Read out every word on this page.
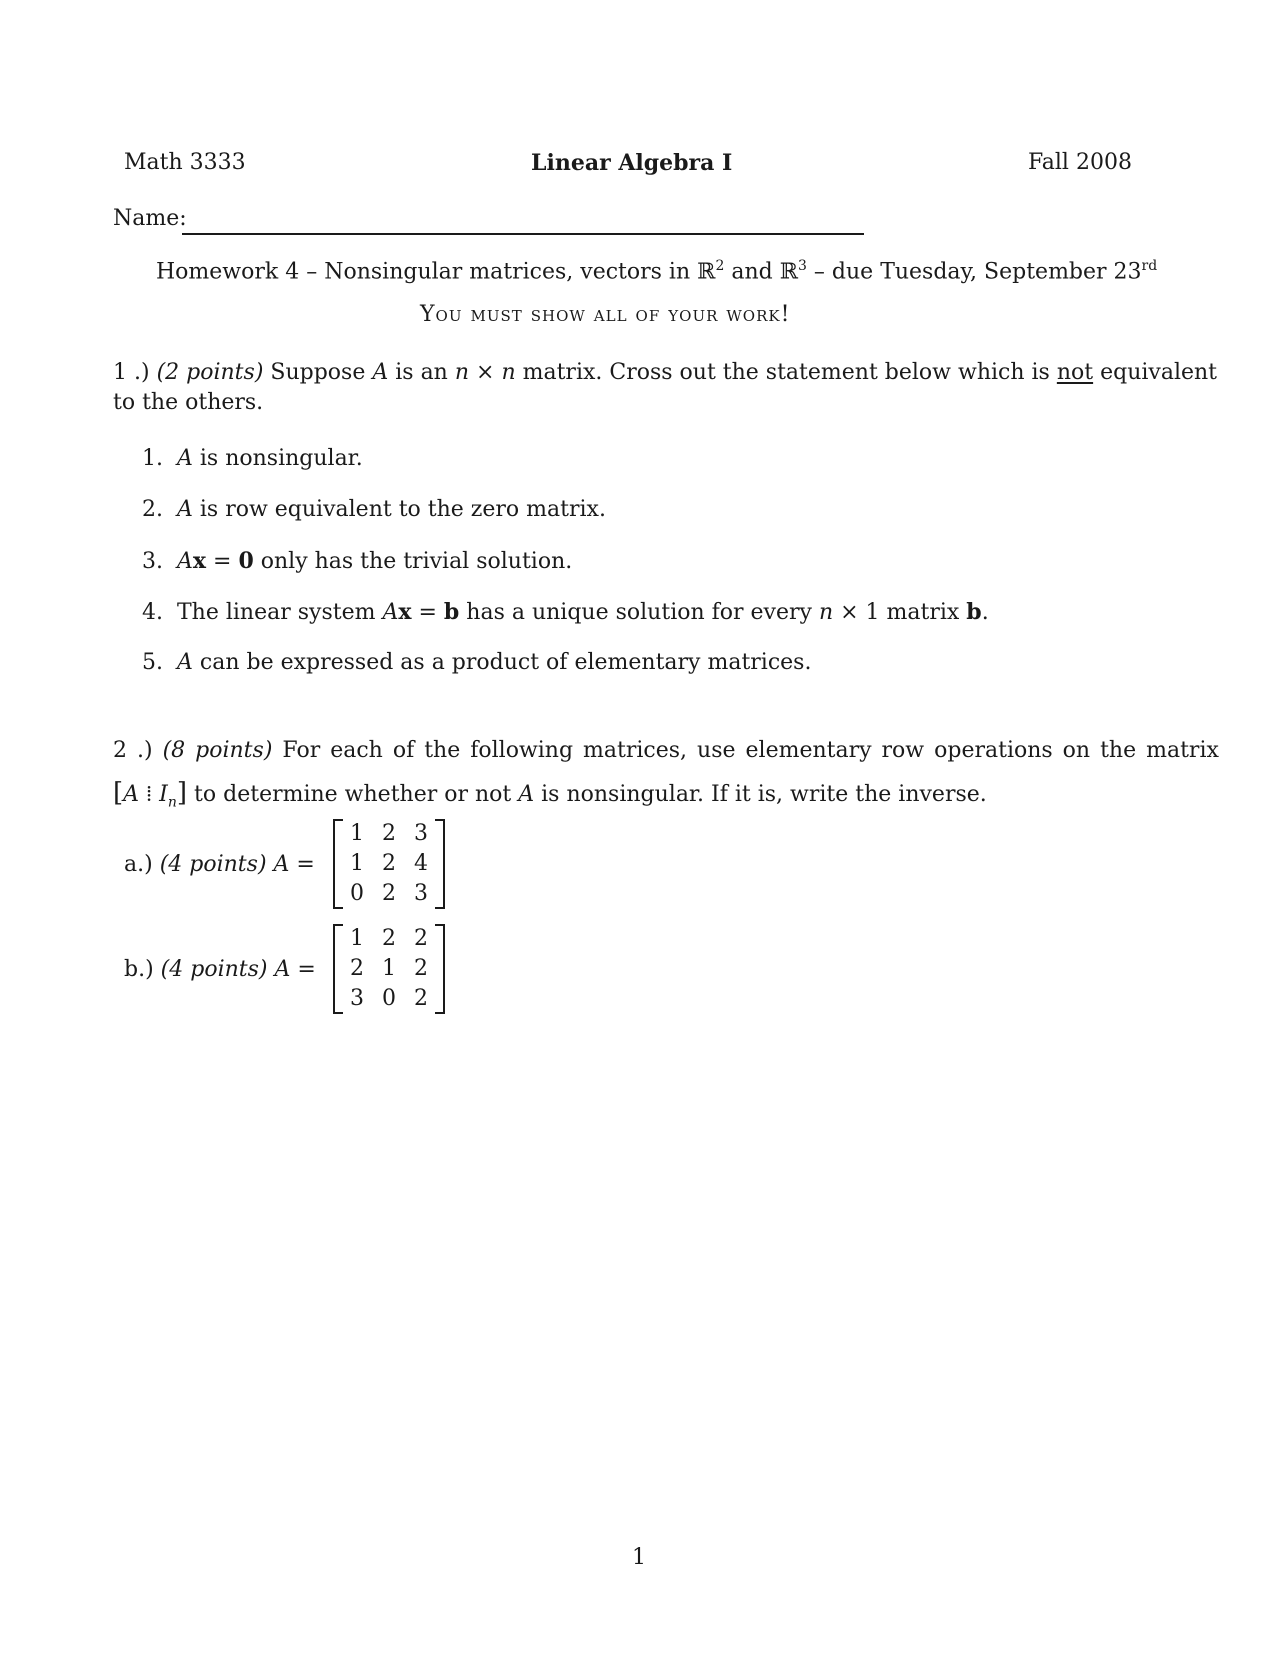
Math 3333	Linear Algebra I	Fall 2008
Name:
Homework 4 – Nonsingular matrices, vectors in ℝ$^2$ and ℝ$^3$ – due Tuesday, September 23rd
You must show all of your work!
1 .) (2 points) Suppose A is an n × n matrix. Cross out the statement below which is not equivalent
to the others.
1. A is nonsingular.
2. A is row equivalent to the zero matrix.
3. Ax = 0 only has the trivial solution.
4. The linear system Ax = b has a unique solution for every n × 1 matrix b.
5. A can be expressed as a product of elementary matrices.
2 .) (8 points) For each of the following matrices, use elementary row operations on the matrix
[A ⁞ $I_n$] to determine whether or not A is nonsingular. If it is, write the inverse.
a.) (4 points) A =
1 2 3
1 2 4
0 2 3
b.) (4 points) A =
1 2 2
2 1 2
3 0 2
1
